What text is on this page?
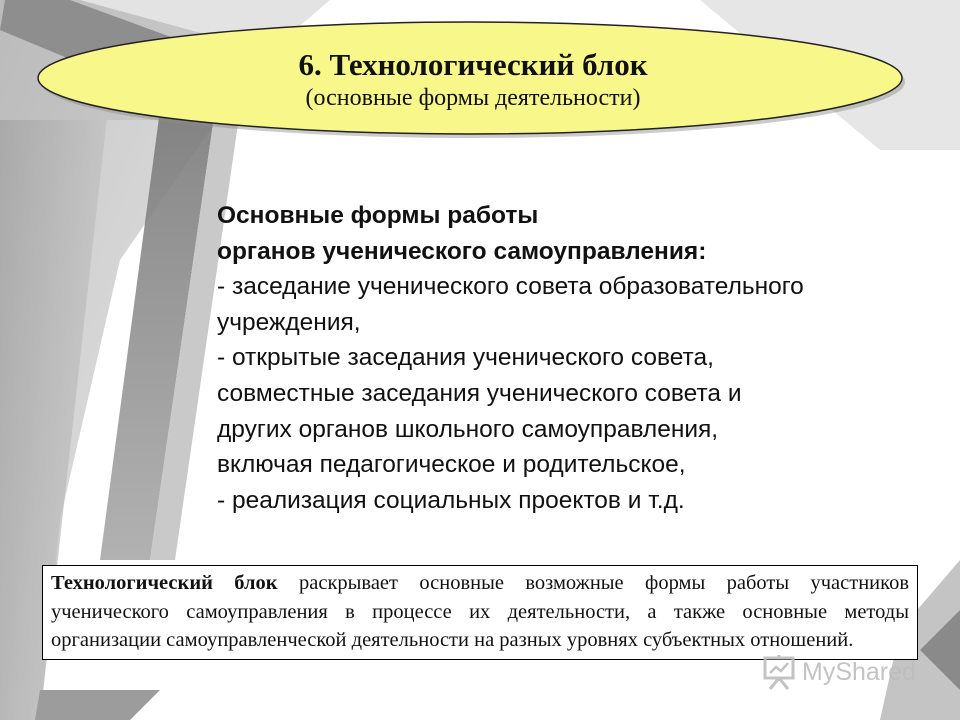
6. Технологический блок
(основные формы деятельности)
Основные формы работы
органов ученического самоуправления:
- заседание ученического совета образовательного
учреждения,
- открытые заседания ученического совета,
совместные заседания ученического совета и
других органов школьного самоуправления,
включая педагогическое и родительское,
- реализация социальных проектов и т.д.
Технологический блок раскрывает основные возможные формы работы участников ученического самоуправления в процессе их деятельности, а также основные методы организации самоуправленческой деятельности на разных уровнях субъектных отношений.
MyShared
